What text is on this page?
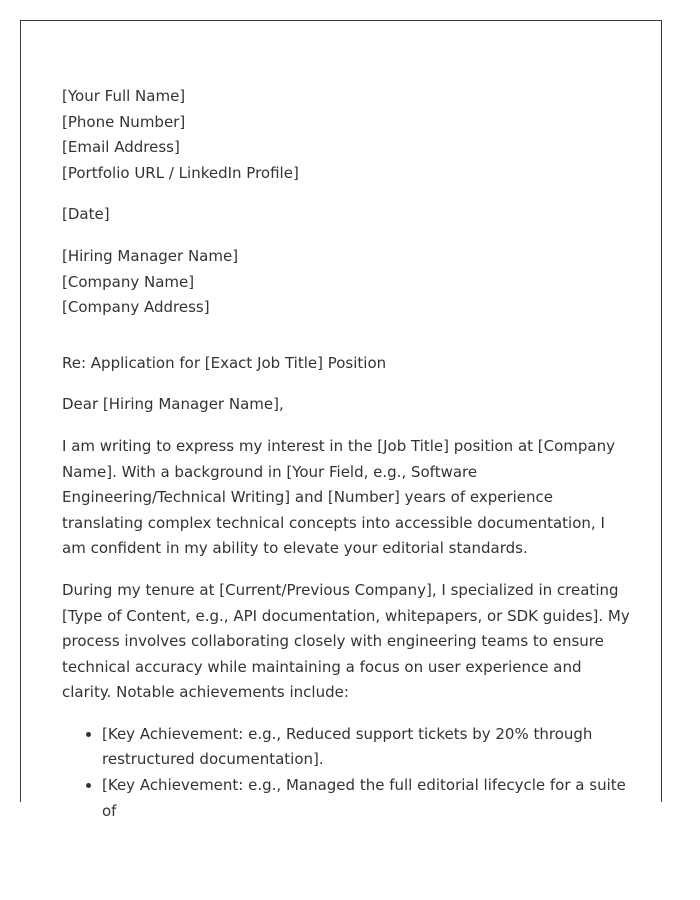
[Your Full Name]
[Phone Number]
[Email Address]
[Portfolio URL / LinkedIn Profile]
[Date]
[Hiring Manager Name]
[Company Name]
[Company Address]
Re: Application for [Exact Job Title] Position
Dear [Hiring Manager Name],

I am writing to express my interest in the [Job Title] position at [Company Name]. With a background in [Your Field, e.g., Software Engineering/Technical Writing] and [Number] years of experience translating complex technical concepts into accessible documentation, I am confident in my ability to elevate your editorial standards.

During my tenure at [Current/Previous Company], I specialized in creating [Type of Content, e.g., API documentation, whitepapers, or SDK guides]. My process involves collaborating closely with engineering teams to ensure technical accuracy while maintaining a focus on user experience and clarity. Notable achievements include:

• [Key Achievement: e.g., Reduced support tickets by 20% through restructured documentation].
• [Key Achievement: e.g., Managed the full editorial lifecycle for a suite of
